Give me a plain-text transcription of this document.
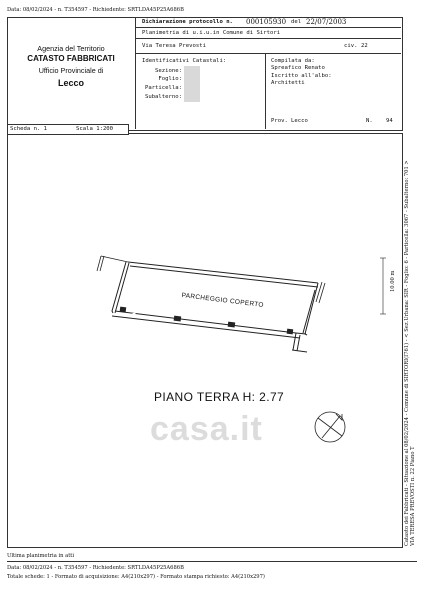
Data: 08/02/2024 - n. T354597 - Richiedente: SRTLDA45P25A686B
Agenzia del Territorio
CATASTO FABBRICATI
Ufficio Provinciale di
Lecco
Dichiarazione protocollo n. 000105930 del 22/07/2003
Planimetria di u.i.u.in Comune di Sirtori
Via Teresa Prevosti	civ. 22
Identificativi Catastali:
Sezione:
Foglio:
Particella:
Subalterno:
Compilata da:
Spreafico Renato
Iscritto all'albo:
Architetti
Prov. Lecco	N. 94
Scheda n. 1	Scala 1:200
casa.it
PARCHEGGIO COPERTO
PIANO TERRA H: 2.77
10.00 m Catasto dei Fabbricati - Situazione al 08/02/2024 - Comune di SIRTORI(I761) - < Sez.Urbana: SIR - Foglio: 6 - Particella: 3067 - Subalterno: 701 > VIA TERESA PREVOSTI n. 22 Piano T
Ultima planimetria in atti
Data: 08/02/2024 - n. T354597 - Richiedente: SRTLDA45P25A686B
Totale schede: 1 - Formato di acquisizione: A4(210x297) - Formato stampa richiesto: A4(210x297)
